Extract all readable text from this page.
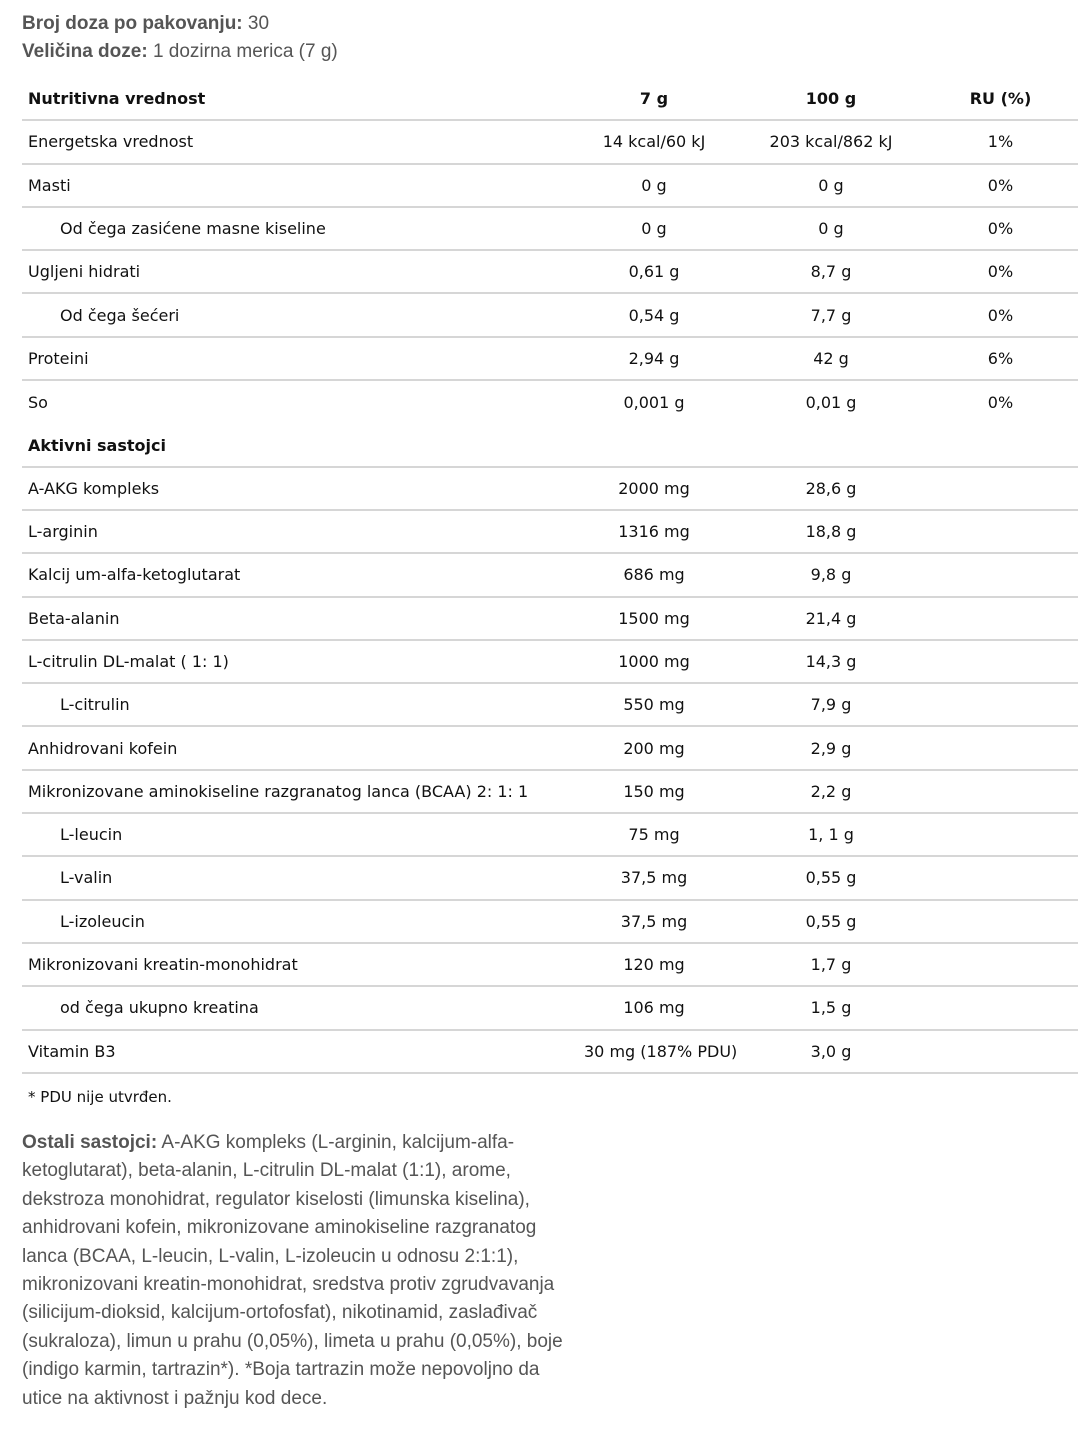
Broj doza po pakovanju: 30
Veličina doze: 1 dozirna merica (7 g)
Nutritivna vrednost	7 g	100 g	RU (%)
Energetska vrednost	14 kcal/60 kJ	203 kcal/862 kJ	1%
Masti	0 g	0 g	0%
Od čega zasićene masne kiseline	0 g	0 g	0%
Ugljeni hidrati	0,61 g	8,7 g	0%
Od čega šećeri	0,54 g	7,7 g	0%
Proteini	2,94 g	42 g	6%
So	0,001 g	0,01 g	0%
Aktivni sastojci
A-AKG kompleks	2000 mg	28,6 g
L-arginin	1316 mg	18,8 g
Kalcij um-alfa-ketoglutarat	686 mg	9,8 g
Beta-alanin	1500 mg	21,4 g
L-citrulin DL-malat ( 1: 1)	1000 mg	14,3 g
L-citrulin	550 mg	7,9 g
Anhidrovani kofein	200 mg	2,9 g
Mikronizovane aminokiseline razgranatog lanca (BCAA) 2: 1: 1	150 mg	2,2 g
L-leucin	75 mg	1, 1 g
L-valin	37,5 mg	0,55 g
L-izoleucin	37,5 mg	0,55 g
Mikronizovani kreatin-monohidrat	120 mg	1,7 g
od čega ukupno kreatina	106 mg	1,5 g
Vitamin B3	30 mg (187% PDU)	3,0 g
* PDU nije utvrđen.
Ostali sastojci: A-AKG kompleks (L-arginin, kalcijum-alfa-ketoglutarat), beta-alanin, L-citrulin DL-malat (1:1), arome, dekstroza monohidrat, regulator kiselosti (limunska kiselina), anhidrovani kofein, mikronizovane aminokiseline razgranatog lanca (BCAA, L-leucin, L-valin, L-izoleucin u odnosu 2:1:1), mikronizovani kreatin-monohidrat, sredstva protiv zgrudvavanja (silicijum-dioksid, kalcijum-ortofosfat), nikotinamid, zaslađivač (sukraloza), limun u prahu (0,05%), limeta u prahu (0,05%), boje (indigo karmin, tartrazin*). *Boja tartrazin može nepovoljno da utice na aktivnost i pažnju kod dece.
